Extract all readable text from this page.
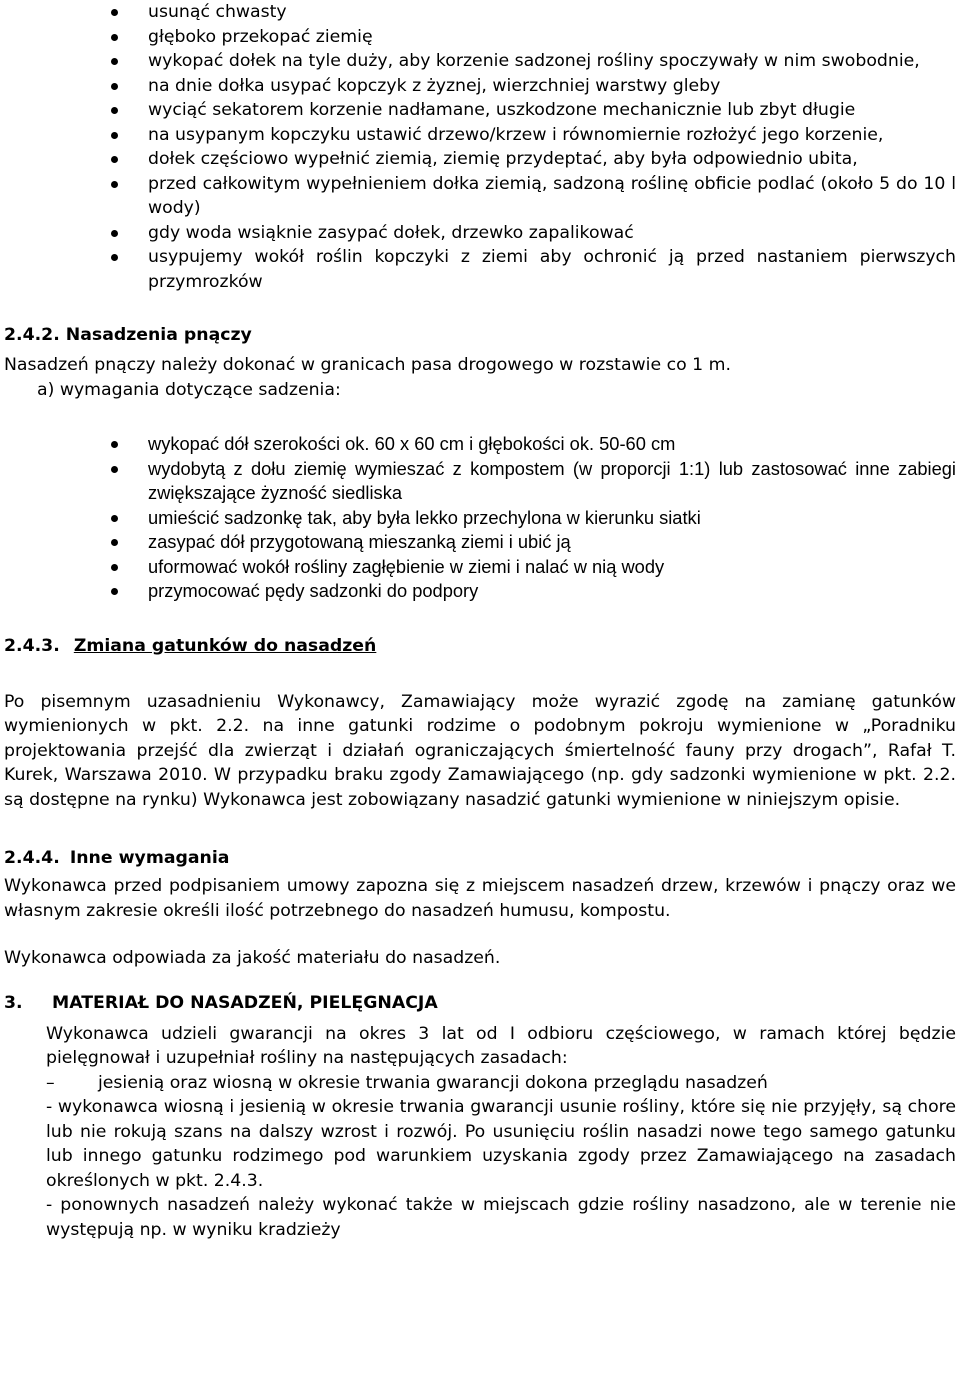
usunąć chwasty
głęboko przekopać ziemię
wykopać dołek na tyle duży, aby korzenie sadzonej rośliny spoczywały w nim swobodnie,
na dnie dołka usypać kopczyk z żyznej, wierzchniej warstwy gleby
wyciąć sekatorem korzenie nadłamane, uszkodzone mechanicznie lub zbyt długie
na usypanym kopczyku ustawić drzewo/krzew i równomiernie rozłożyć jego korzenie,
dołek częściowo wypełnić ziemią, ziemię przydeptać, aby była odpowiednio ubita,
przed całkowitym wypełnieniem dołka ziemią, sadzoną roślinę obficie podlać (około 5 do 10 l wody)
gdy woda wsiąknie zasypać dołek, drzewko zapalikować
usypujemy wokół roślin kopczyki z ziemi aby ochronić ją przed nastaniem pierwszych przymrozków
2.4.2. Nasadzenia pnączy

Nasadzeń pnączy należy dokonać w granicach pasa drogowego w rozstawie co 1 m.

a) wymagania dotyczące sadzenia:

wykopać dół szerokości ok. 60 x 60 cm i głębokości ok. 50-60 cm
wydobytą z dołu ziemię wymieszać z kompostem (w proporcji 1:1) lub zastosować inne zabiegi zwiększające żyzność siedliska
umieścić sadzonkę tak, aby była lekko przechylona w kierunku siatki
zasypać dół przygotowaną mieszanką ziemi i ubić ją
uformować wokół rośliny zagłębienie w ziemi i nalać w nią wody
przymocować pędy sadzonki do podpory
2.4.3. Zmiana gatunków do nasadzeń

Po pisemnym uzasadnieniu Wykonawcy, Zamawiający może wyrazić zgodę na zamianę gatunków wymienionych w pkt. 2.2. na inne gatunki rodzime o podobnym pokroju wymienione w „Poradniku projektowania przejść dla zwierząt i działań ograniczających śmiertelność fauny przy drogach”, Rafał T. Kurek, Warszawa 2010. W przypadku braku zgody Zamawiającego (np. gdy sadzonki wymienione w pkt. 2.2. są dostępne na rynku) Wykonawca jest zobowiązany nasadzić gatunki wymienione w niniejszym opisie.

2.4.4. Inne wymagania

Wykonawca przed podpisaniem umowy zapozna się z miejscem nasadzeń drzew, krzewów i pnączy oraz we własnym zakresie określi ilość potrzebnego do nasadzeń humusu, kompostu.

Wykonawca odpowiada za jakość materiału do nasadzeń.

3. MATERIAŁ DO NASADZEŃ, PIELĘGNACJA

Wykonawca udzieli gwarancji na okres 3 lat od I odbioru częściowego, w ramach której będzie pielęgnował i uzupełniał rośliny na następujących zasadach:

–	jesienią oraz wiosną w okresie trwania gwarancji dokona przeglądu nasadzeń

- wykonawca wiosną i jesienią w okresie trwania gwarancji usunie rośliny, które się nie przyjęły, są chore lub nie rokują szans na dalszy wzrost i rozwój. Po usunięciu roślin nasadzi nowe tego samego gatunku lub innego gatunku rodzimego pod warunkiem uzyskania zgody przez Zamawiającego na zasadach określonych w pkt. 2.4.3.

- ponownych nasadzeń należy wykonać także w miejscach gdzie rośliny nasadzono, ale w terenie nie występują np. w wyniku kradzieży
